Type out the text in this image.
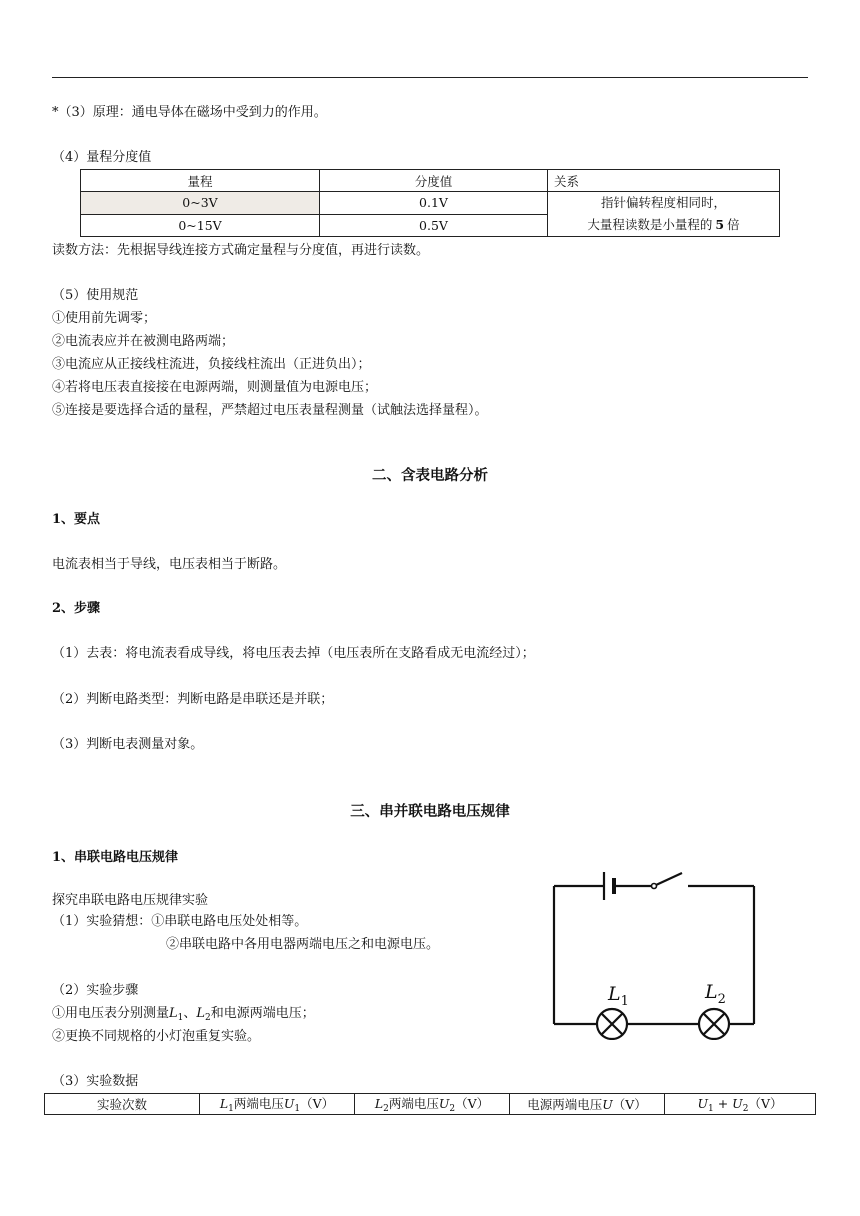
*（3）原理：通电导体在磁场中受到力的作用。
（4）量程分度值
量程	分度值	关系
0~3V	0.1V	指针偏转程度相同时，
大量程读数是小量程的 5 倍

0~15V	0.5V	
读数方法：先根据导线连接方式确定量程与分度值，再进行读数。
（5）使用规范
①使用前先调零；
②电流表应并在被测电路两端；
③电流应从正接线柱流进，负接线柱流出（正进负出）；
④若将电压表直接接在电源两端，则测量值为电源电压；
⑤连接是要选择合适的量程，严禁超过电压表量程测量（试触法选择量程）。
二、含表电路分析
1、要点
电流表相当于导线，电压表相当于断路。
2、步骤
（1）去表：将电流表看成导线，将电压表去掉（电压表所在支路看成无电流经过）；
（2）判断电路类型：判断电路是串联还是并联；
（3）判断电表测量对象。
三、串并联电路电压规律
1、串联电路电压规律
探究串联电路电压规律实验
（1）实验猜想：①串联电路电压处处相等。
②串联电路中各用电器两端电压之和电源电压。
（2）实验步骤
①用电压表分别测量$L_1$、$L_2$和电源两端电压；
②更换不同规格的小灯泡重复实验。
（3）实验数据
实验次数	$L_1$两端电压$U_1(V)$	$L_2$两端电压$U_2(V)$	电源两端电压U（V）	$U_1 + U_2(V)$
$L_1$	$L_2$
